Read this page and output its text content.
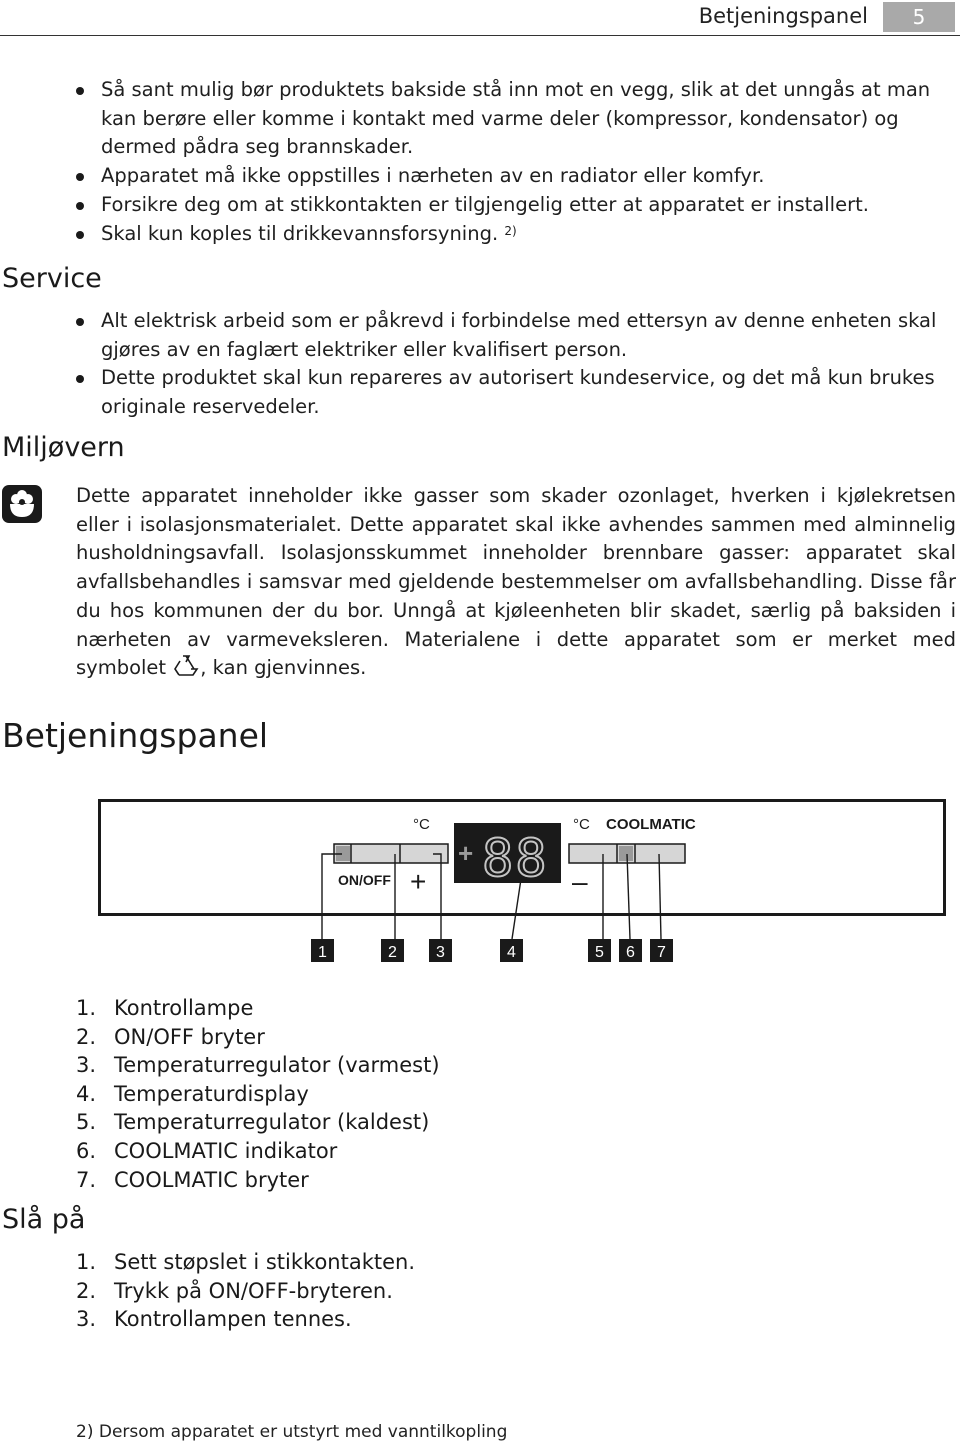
Betjeningspanel	5
Så sant mulig bør produktets bakside stå inn mot en vegg, slik at det unngås at man kan berøre eller komme i kontakt med varme deler (kompressor, kondensator) og dermed pådra seg brannskader.
Apparatet må ikke oppstilles i nærheten av en radiator eller komfyr.
Forsikre deg om at stikkontakten er tilgjengelig etter at apparatet er installert.
Skal kun koples til drikkevannsforsyning. $^{2)}$
Service
Alt elektrisk arbeid som er påkrevd i forbindelse med ettersyn av denne enheten skal gjøres av en faglært elektriker eller kvalifisert person.
Dette produktet skal kun repareres av autorisert kundeservice, og det må kun brukes originale reservedeler.
Miljøvern
Dette apparatet inneholder ikke gasser som skader ozonlaget, hverken i kjølekretsen eller i isolasjonsmaterialet. Dette apparatet skal ikke avhendes sammen med alminnelig husholdningsavfall. Isolasjonsskummet inneholder brennbare gasser: apparatet skal avfallsbehandles i samsvar med gjeldende bestemmelser om avfallsbehandling. Disse får du hos kommunen der du bor. Unngå at kjøleenheten blir skadet, særlig på baksiden i nærheten av varmeveksleren. Materialene i dette apparatet som er merket med symbolet , kan gjenvinnes.
Betjeningspanel
°C	°C COOLMATIC
ON/OFF +
+ 88 –
1	2 3	4	5 6 7
1. Kontrollampe
2. ON/OFF bryter
3. Temperaturregulator (varmest)
4. Temperaturdisplay
5. Temperaturregulator (kaldest)
6. COOLMATIC indikator
7. COOLMATIC bryter
Slå på
1. Sett støpslet i stikkontakten.
2. Trykk på ON/OFF-bryteren.
3. Kontrollampen tennes.
2) Dersom apparatet er utstyrt med vanntilkopling
